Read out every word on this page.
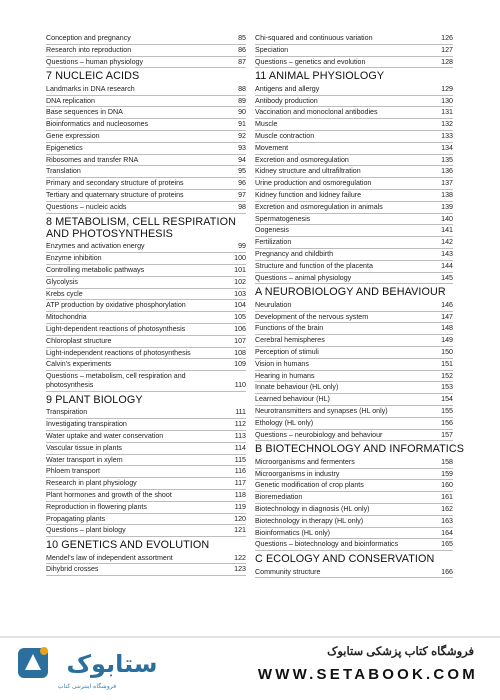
Conception and pregnancy	85
Research into reproduction	86
Questions – human physiology	87
7 NUCLEIC ACIDS
Landmarks in DNA research	88
DNA replication	89
Base sequences in DNA	90
Bioinformatics and nucleosomes	91
Gene expression	92
Epigenetics	93
Ribosomes and transfer RNA	94
Translation	95
Primary and secondary structure of proteins	96
Tertiary and quaternary structure of proteins	97
Questions – nucleic acids	98
8 METABOLISM, CELL RESPIRATION
AND PHOTOSYNTHESIS
Enzymes and activation energy	99
Enzyme inhibition	100
Controlling metabolic pathways	101
Glycolysis	102
Krebs cycle	103
ATP production by oxidative phosphorylation	104
Mitochondria	105
Light-dependent reactions of photosynthesis	106
Chloroplast structure	107
Light-independent reactions of photosynthesis	108
Calvin's experiments	109
Questions – metabolism, cell respiration and photosynthesis	110
9 PLANT BIOLOGY
Transpiration	111
Investigating transpiration	112
Water uptake and water conservation	113
Vascular tissue in plants	114
Water transport in xylem	115
Phloem transport	116
Research in plant physiology	117
Plant hormones and growth of the shoot	118
Reproduction in flowering plants	119
Propagating plants	120
Questions – plant biology	121
10 GENETICS AND EVOLUTION
Mendel's law of independent assortment	122
Dihybrid crosses	123
Chi-squared and continuous variation	126
Speciation	127
Questions – genetics and evolution	128
11 ANIMAL PHYSIOLOGY
Antigens and allergy	129
Antibody production	130
Vaccination and monoclonal antibodies	131
Muscle	132
Muscle contraction	133
Movement	134
Excretion and osmoregulation	135
Kidney structure and ultrafiltration	136
Urine production and osmoregulation	137
Kidney function and kidney failure	138
Excretion and osmoregulation in animals	139
Spermatogenesis	140
Oogenesis	141
Fertilization	142
Pregnancy and childbirth	143
Structure and function of the placenta	144
Questions – animal physiology	145
A NEUROBIOLOGY AND BEHAVIOUR
Neurulation	146
Development of the nervous system	147
Functions of the brain	148
Cerebral hemispheres	149
Perception of stimuli	150
Vision in humans	151
Hearing in humans	152
Innate behaviour (HL only)	153
Learned behaviour (HL)	154
Neurotransmitters and synapses (HL only)	155
Ethology (HL only)	156
Questions – neurobiology and behaviour	157
B BIOTECHNOLOGY AND INFORMATICS
Microorganisms and fermenters	158
Microorganisms in industry	159
Genetic modification of crop plants	160
Bioremediation	161
Biotechnology in diagnosis (HL only)	162
Biotechnology in therapy (HL only)	163
Bioinformatics (HL only)	164
Questions – biotechnology and bioinformatics	165
C ECOLOGY AND CONSERVATION
Community structure	166
ستابوک
فروشگاه اینترنتی کتاب
فروشگاه کتاب پزشکی ستابوک
WWW.SETABOOK.COM
